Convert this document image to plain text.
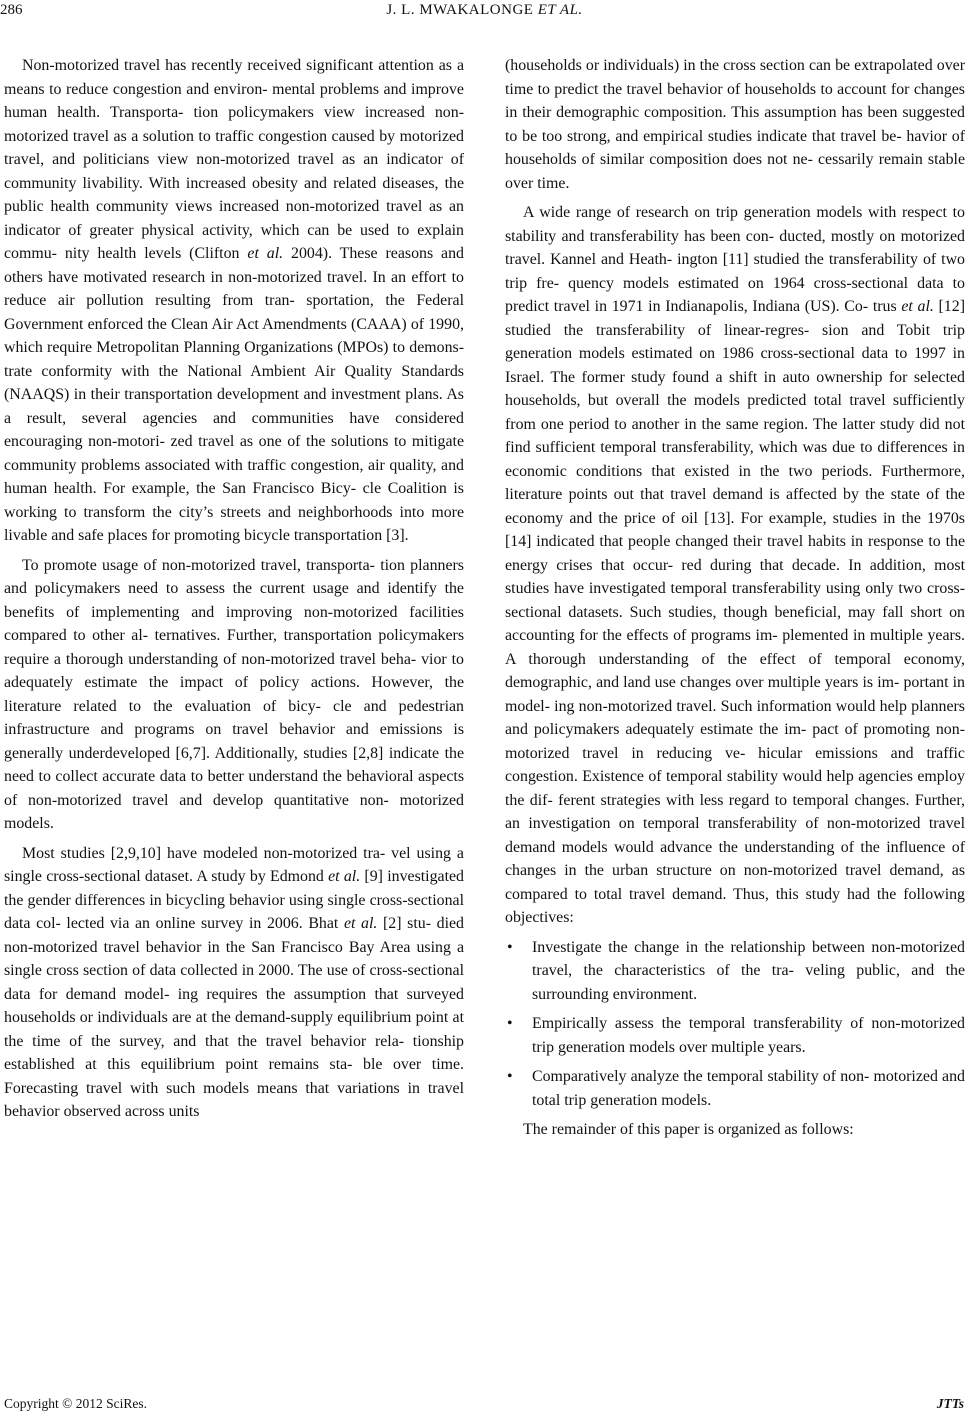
286	J. L. MWAKALONGE ET AL.

Non-motorized travel has recently received significant attention as a means to reduce congestion and environ- mental problems and improve human health. Transporta- tion policymakers view increased non-motorized travel as a solution to traffic congestion caused by motorized travel, and politicians view non-motorized travel as an indicator of community livability. With increased obesity and related diseases, the public health community views increased non-motorized travel as an indicator of greater physical activity, which can be used to explain commu- nity health levels (Clifton et al. 2004). These reasons and others have motivated research in non-motorized travel. In an effort to reduce air pollution resulting from tran- sportation, the Federal Government enforced the Clean Air Act Amendments (CAAA) of 1990, which require Metropolitan Planning Organizations (MPOs) to demons- trate conformity with the National Ambient Air Quality Standards (NAAQS) in their transportation development and investment plans. As a result, several agencies and communities have considered encouraging non-motori- zed travel as one of the solutions to mitigate community problems associated with traffic congestion, air quality, and human health. For example, the San Francisco Bicy- cle Coalition is working to transform the city’s streets and neighborhoods into more livable and safe places for promoting bicycle transportation [3].

To promote usage of non-motorized travel, transporta- tion planners and policymakers need to assess the current usage and identify the benefits of implementing and improving non-motorized facilities compared to other al- ternatives. Further, transportation policymakers require a thorough understanding of non-motorized travel beha- vior to adequately estimate the impact of policy actions. However, the literature related to the evaluation of bicy- cle and pedestrian infrastructure and programs on travel behavior and emissions is generally underdeveloped [6,7]. Additionally, studies [2,8] indicate the need to collect accurate data to better understand the behavioral aspects of non-motorized travel and develop quantitative non- motorized models.

Most studies [2,9,10] have modeled non-motorized tra- vel using a single cross-sectional dataset. A study by Edmond et al. [9] investigated the gender differences in bicycling behavior using single cross-sectional data col- lected via an online survey in 2006. Bhat et al. [2] stu- died non-motorized travel behavior in the San Francisco Bay Area using a single cross section of data collected in 2000. The use of cross-sectional data for demand model- ing requires the assumption that surveyed households or individuals are at the demand-supply equilibrium point at the time of the survey, and that the travel behavior rela- tionship established at this equilibrium point remains sta- ble over time. Forecasting travel with such models means that variations in travel behavior observed across units

(households or individuals) in the cross section can be extrapolated over time to predict the travel behavior of households to account for changes in their demographic composition. This assumption has been suggested to be too strong, and empirical studies indicate that travel be- havior of households of similar composition does not ne- cessarily remain stable over time.

A wide range of research on trip generation models with respect to stability and transferability has been con- ducted, mostly on motorized travel. Kannel and Heath- ington [11] studied the transferability of two trip fre- quency models estimated on 1964 cross-sectional data to predict travel in 1971 in Indianapolis, Indiana (US). Co- trus et al. [12] studied the transferability of linear-regres- sion and Tobit trip generation models estimated on 1986 cross-sectional data to 1997 in Israel. The former study found a shift in auto ownership for selected households, but overall the models predicted total travel sufficiently from one period to another in the same region. The latter study did not find sufficient temporal transferability, which was due to differences in economic conditions that existed in the two periods. Furthermore, literature points out that travel demand is affected by the state of the economy and the price of oil [13]. For example, studies in the 1970s [14] indicated that people changed their travel habits in response to the energy crises that occur- red during that decade. In addition, most studies have investigated temporal transferability using only two cross- sectional datasets. Such studies, though beneficial, may fall short on accounting for the effects of programs im- plemented in multiple years. A thorough understanding of the effect of temporal economy, demographic, and land use changes over multiple years is im- portant in model- ing non-motorized travel. Such information would help planners and policymakers adequately estimate the im- pact of promoting non-motorized travel in reducing ve- hicular emissions and traffic congestion. Existence of temporal stability would help agencies employ the dif- ferent strategies with less regard to temporal changes. Further, an investigation on temporal transferability of non-motorized travel demand models would advance the understanding of the influence of changes in the urban structure on non-motorized travel demand, as compared to total travel demand. Thus, this study had the following objectives:

• Investigate the change in the relationship between non-motorized travel, the characteristics of the tra- veling public, and the surrounding environment.
• Empirically assess the temporal transferability of non-motorized trip generation models over multiple years.
• Comparatively analyze the temporal stability of non- motorized and total trip generation models.

The remainder of this paper is organized as follows:

Copyright © 2012 SciRes.	JTTs
